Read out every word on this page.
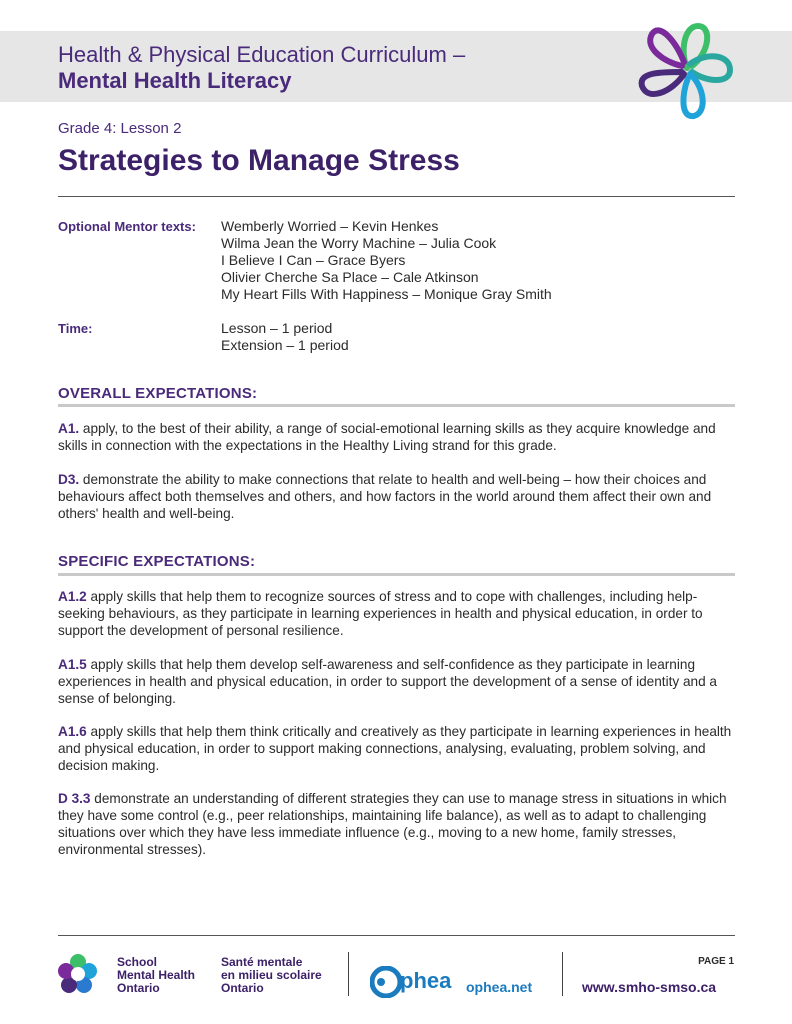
Health & Physical Education Curriculum –
Mental Health Literacy
Grade 4: Lesson 2
Strategies to Manage Stress
Optional Mentor texts: Wemberly Worried – Kevin Henkes
Wilma Jean the Worry Machine – Julia Cook
I Believe I Can – Grace Byers
Olivier Cherche Sa Place – Cale Atkinson
My Heart Fills With Happiness – Monique Gray Smith
Time:	Lesson – 1 period
Extension – 1 period
OVERALL EXPECTATIONS:
A1. apply, to the best of their ability, a range of social-emotional learning skills as they acquire knowledge and skills in connection with the expectations in the Healthy Living strand for this grade.
D3. demonstrate the ability to make connections that relate to health and well-being – how their choices and behaviours affect both themselves and others, and how factors in the world around them affect their own and others' health and well-being.
SPECIFIC EXPECTATIONS:
A1.2 apply skills that help them to recognize sources of stress and to cope with challenges, including help-seeking behaviours, as they participate in learning experiences in health and physical education, in order to support the development of personal resilience.
A1.5 apply skills that help them develop self-awareness and self-confidence as they participate in learning experiences in health and physical education, in order to support the development of a sense of identity and a sense of belonging.
A1.6 apply skills that help them think critically and creatively as they participate in learning experiences in health and physical education, in order to support making connections, analysing, evaluating, problem solving, and decision making.
D 3.3 demonstrate an understanding of different strategies they can use to manage stress in situations in which they have some control (e.g., peer relationships, maintaining life balance), as well as to adapt to challenging situations over which they have less immediate influence (e.g., moving to a new home, family stresses, environmental stresses).
School
Mental Health
Ontario
Santé mentale
en milieu scolaire
Ontario	phea ophea.net
PAGE 1
www.smho-smso.ca
